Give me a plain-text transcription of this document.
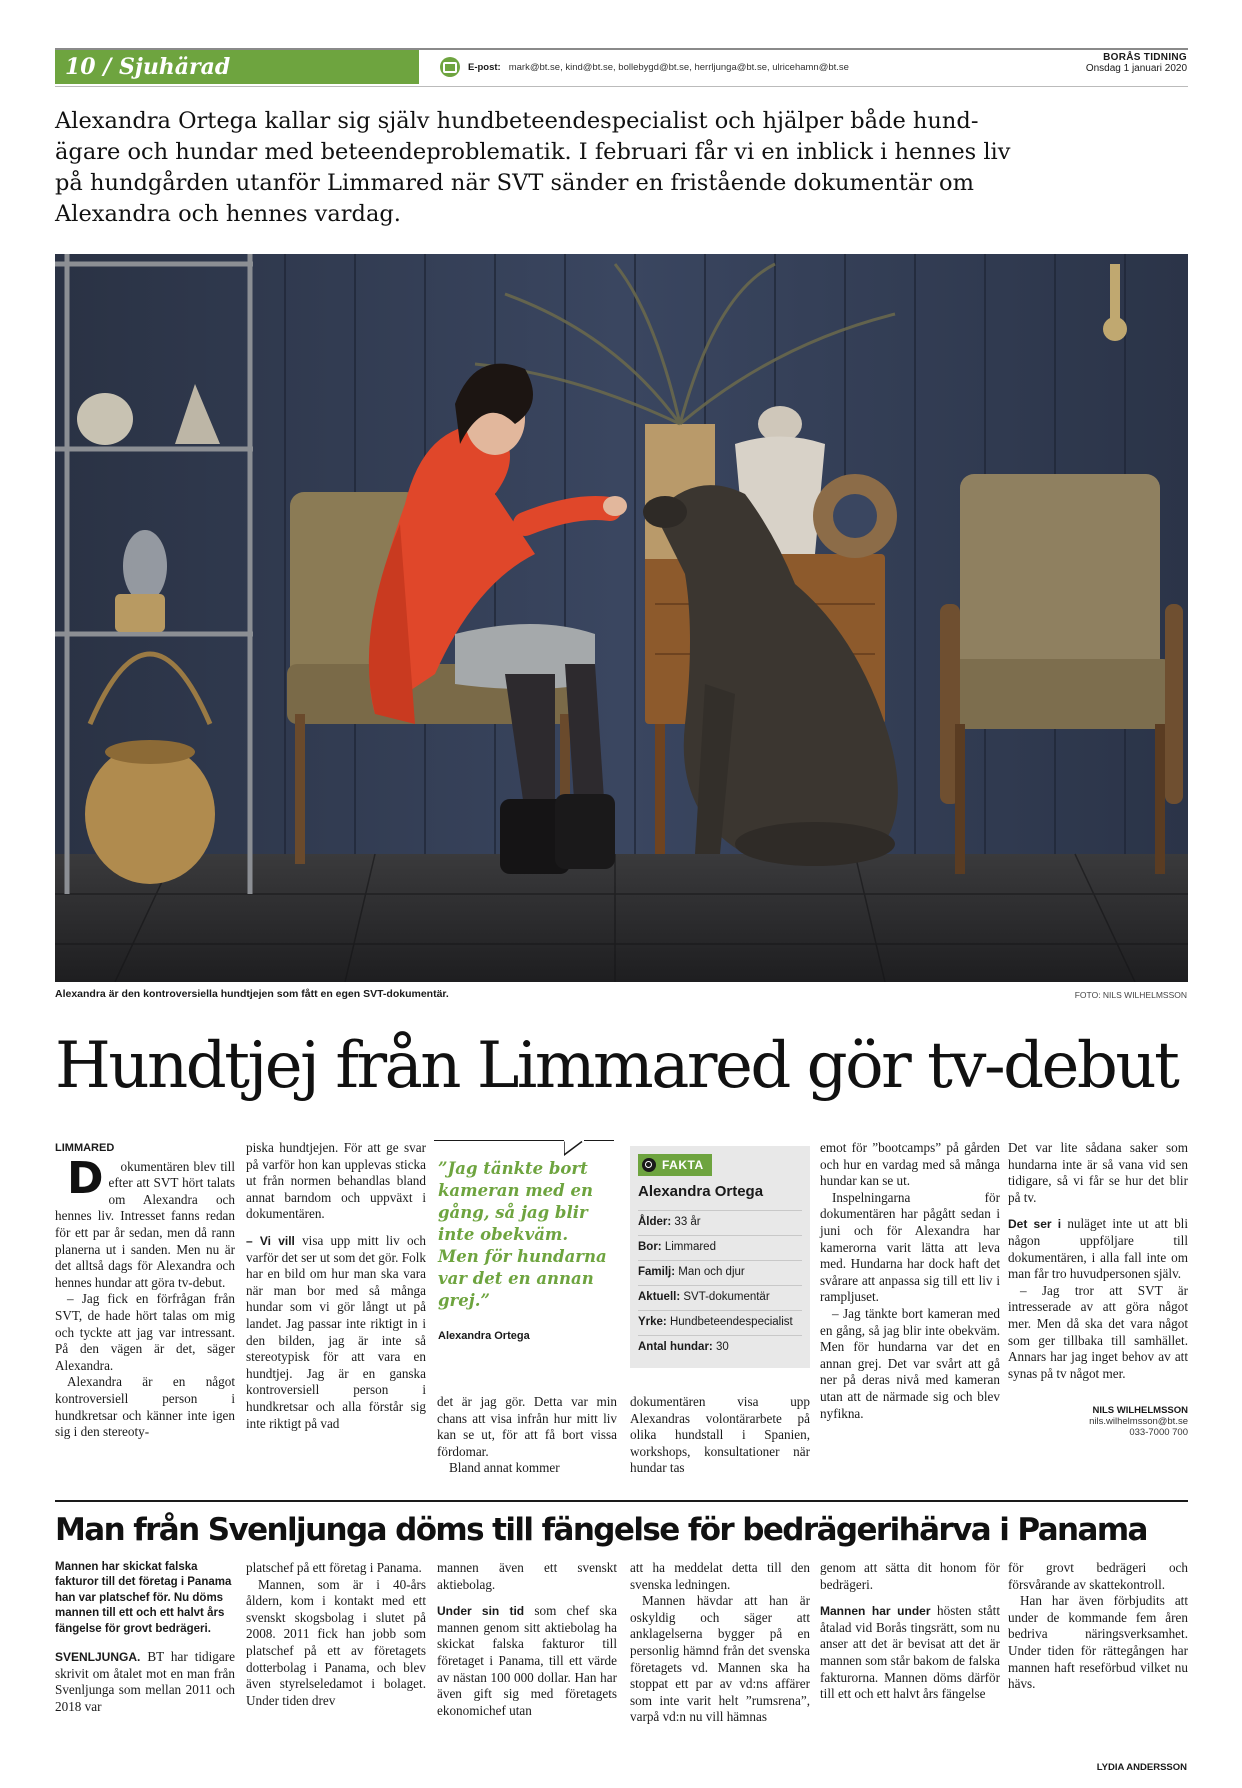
10 / Sjuhärad	E-post: mark@bt.se, kind@bt.se, bollebygd@bt.se, herrljunga@bt.se, ulricehamn@bt.se
BORÅS TIDNING
Onsdag 1 januari 2020
Alexandra Ortega kallar sig själv hundbeteendespecialist och hjälper både hundägare och hundar med beteendeproblematik. I februari får vi en inblick i hennes liv på hundgården utanför Limmared när SVT sänder en fristående dokumentär om Alexandra och hennes vardag.
Alexandra är den kontroversiella hundtjejen som fått en egen SVT-dokumentär.	FOTO: NILS WILHELMSSON
Hundtjej från Limmared gör tv-debut

LIMMARED

D okumentären blev till efter att SVT hört talats om Alexandra och hennes liv. Intresset fanns redan för ett par år sedan, men då rann planerna ut i sanden. Men nu är det alltså dags för Alexandra och hennes hundar att göra tv-debut.

– Jag fick en förfrågan från SVT, de hade hört talas om mig och tyckte att jag var intressant. På den vägen är det, säger Alexandra.

Alexandra är en något kontroversiell person i hundkretsar och känner inte igen sig i den stereoty-

piska hundtjejen. För att ge svar på varför hon kan upplevas sticka ut från normen behandlas bland annat barndom och uppväxt i dokumentären.

– Vi vill visa upp mitt liv och varför det ser ut som det gör. Folk har en bild om hur man ska vara när man bor med så många hundar som vi gör långt ut på landet. Jag passar inte riktigt in i den bilden, jag är inte så stereotypisk för att vara en hundtjej. Jag är en ganska kontroversiell person i hundkretsar och alla förstår sig inte riktigt på vad

”Jag tänkte bort kameran med en gång, så jag blir inte obekväm. Men för hundarna var det en annan grej.”
Alexandra Ortega

det är jag gör. Detta var min chans att visa infrån hur mitt liv kan se ut, för att få bort vissa fördomar.

Bland annat kommer

FAKTA
Alexandra Ortega
Ålder: 33 år
Bor: Limmared
Familj: Man och djur
Aktuell: SVT-dokumentär
Yrke: Hundbeteendespecialist
Antal hundar: 30

dokumentären visa upp Alexandras volontärarbete på olika hundstall i Spanien, workshops, konsultationer när hundar tas

emot för ”bootcamps” på gården och hur en vardag med så många hundar kan se ut.

Inspelningarna för dokumentären har pågått sedan i juni och för Alexandra har kamerorna varit lätta att leva med. Hundarna har dock haft det svårare att anpassa sig till ett liv i rampljuset.

– Jag tänkte bort kameran med en gång, så jag blir inte obekväm. Men för hundarna var det en annan grej. Det var svårt att gå ner på deras nivå med kameran utan att de närmade sig och blev nyfikna.

Det var lite sådana saker som hundarna inte är så vana vid sen tidigare, så vi får se hur det blir på tv.

Det ser i nuläget inte ut att bli någon uppföljare till dokumentären, i alla fall inte om man får tro huvudpersonen själv.

– Jag tror att SVT är intresserade av att göra något mer. Men då ska det vara något som ger tillbaka till samhället. Annars har jag inget behov av att synas på tv något mer.

NILS WILHELMSSON
nils.wilhelmsson@bt.se
033-7000 700
Man från Svenljunga döms till fängelse för bedrägerihärva i Panama

Mannen har skickat falska fakturor till det företag i Panama han var platschef för. Nu döms mannen till ett och ett halvt års fängelse för grovt bedrägeri.

SVENLJUNGA. BT har tidigare skrivit om åtalet mot en man från Svenljunga som mellan 2011 och 2018 var

platschef på ett företag i Panama.

Mannen, som är i 40-års åldern, kom i kontakt med ett svenskt skogsbolag i slutet på 2008. 2011 fick han jobb som platschef på ett av företagets dotterbolag i Panama, och blev även styrelseledamot i bolaget. Under tiden drev

mannen även ett svenskt aktiebolag.

Under sin tid som chef ska mannen genom sitt aktiebolag ha skickat falska fakturor till företaget i Panama, till ett värde av nästan 100 000 dollar. Han har även gift sig med företagets ekonomichef utan

att ha meddelat detta till den svenska ledningen.

Mannen hävdar att han är oskyldig och säger att anklagelserna bygger på en personlig hämnd från det svenska företagets vd. Mannen ska ha stoppat ett par av vd:ns affärer som inte varit helt ”rumsrena”, varpå vd:n nu vill hämnas

genom att sätta dit honom för bedrägeri.

Mannen har under hösten stått åtalad vid Borås tingsrätt, som nu anser att det är bevisat att det är mannen som står bakom de falska fakturorna. Mannen döms därför till ett och ett halvt års fängelse

för grovt bedrägeri och försvårande av skattekontroll.

Han har även förbjudits att under de kommande fem åren bedriva näringsverksamhet. Under tiden för rättegången har mannen haft reseförbud vilket nu hävs.

LYDIA ANDERSSON
